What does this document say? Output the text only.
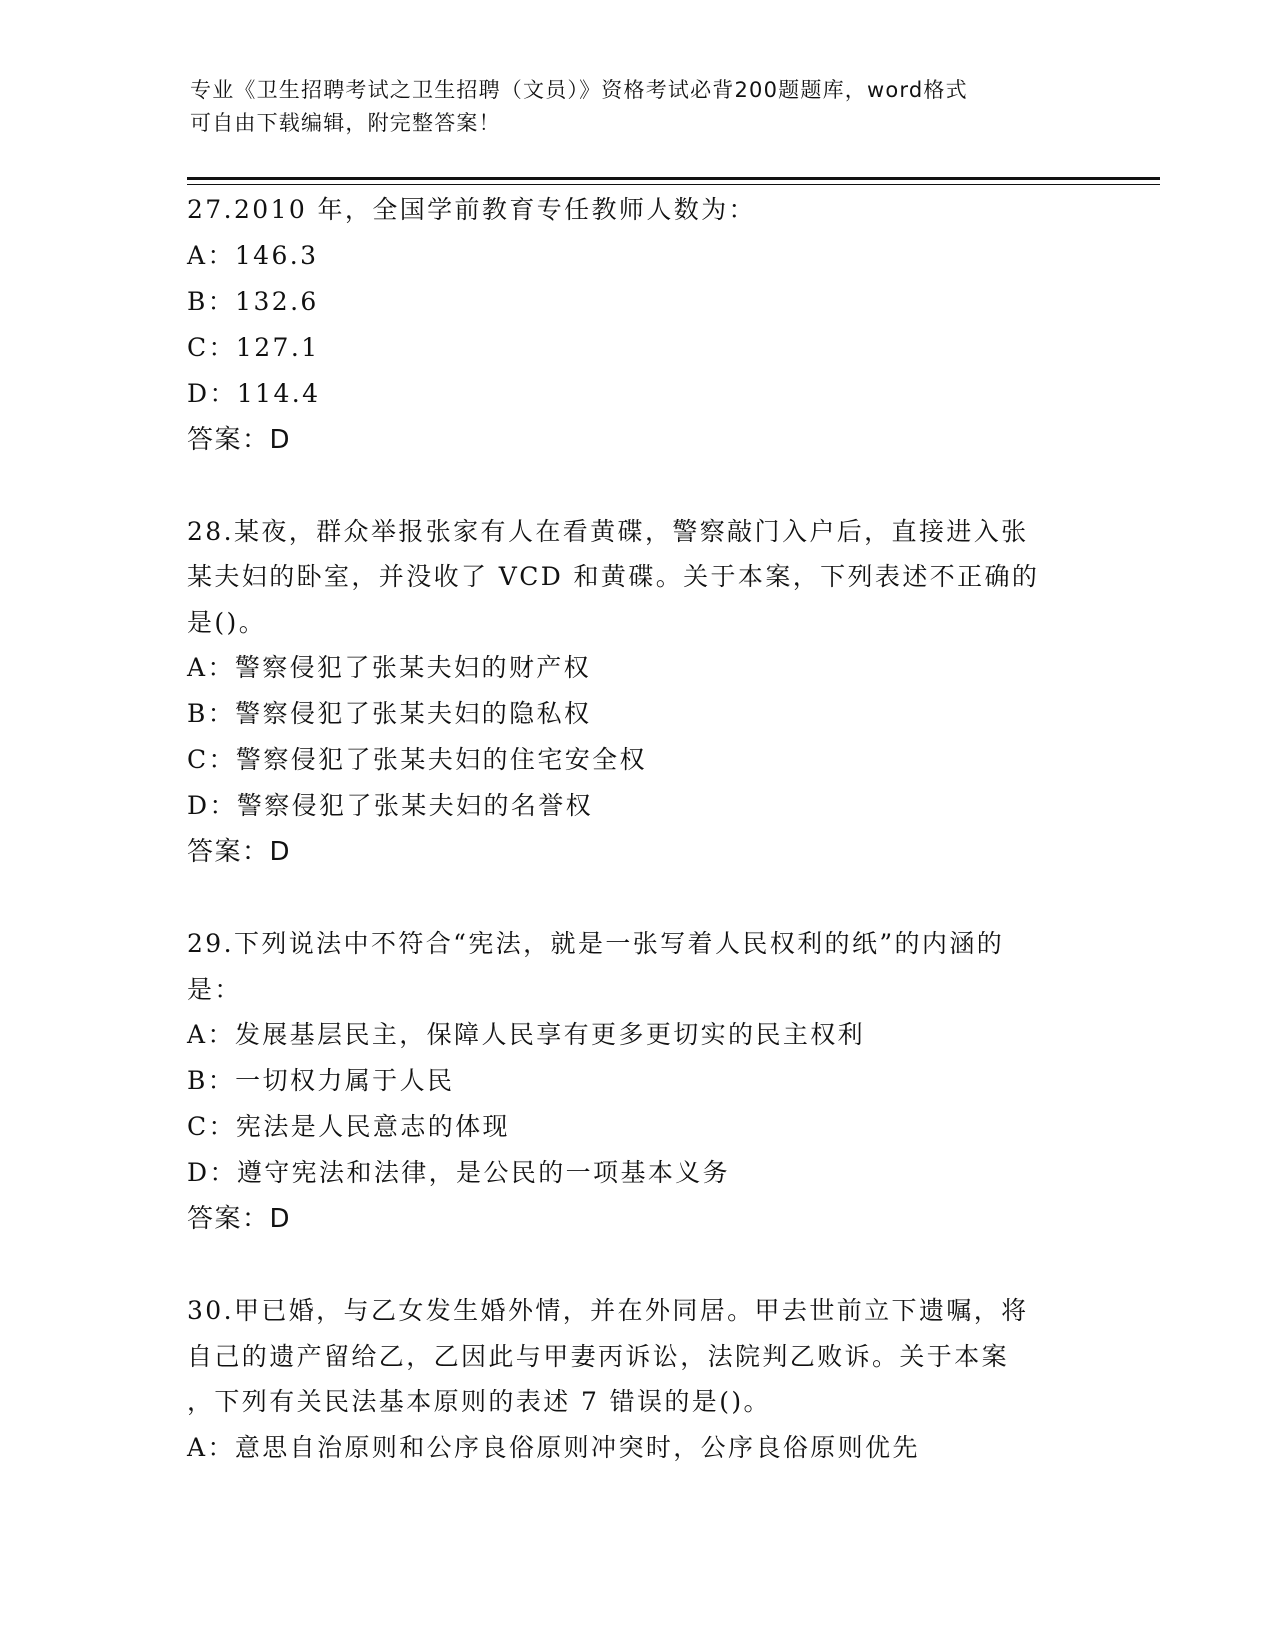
专业《卫生招聘考试之卫生招聘（文员）》资格考试必背200题题库，word格式
可自由下载编辑，附完整答案！
27.2010 年，全国学前教育专任教师人数为：
A：146.3
B：132.6
C：127.1
D：114.4
答案：D
28.某夜，群众举报张家有人在看黄碟，警察敲门入户后，直接进入张
某夫妇的卧室，并没收了 VCD 和黄碟。关于本案，下列表述不正确的
是()。
A：警察侵犯了张某夫妇的财产权
B：警察侵犯了张某夫妇的隐私权
C：警察侵犯了张某夫妇的住宅安全权
D：警察侵犯了张某夫妇的名誉权
答案：D
29.下列说法中不符合“宪法，就是一张写着人民权利的纸”的内涵的
是：
A：发展基层民主，保障人民享有更多更切实的民主权利
B：一切权力属于人民
C：宪法是人民意志的体现
D：遵守宪法和法律，是公民的一项基本义务
答案：D
30.甲已婚，与乙女发生婚外情，并在外同居。甲去世前立下遗嘱，将
自己的遗产留给乙，乙因此与甲妻丙诉讼，法院判乙败诉。关于本案
，下列有关民法基本原则的表述 7 错误的是()。
A：意思自治原则和公序良俗原则冲突时，公序良俗原则优先
